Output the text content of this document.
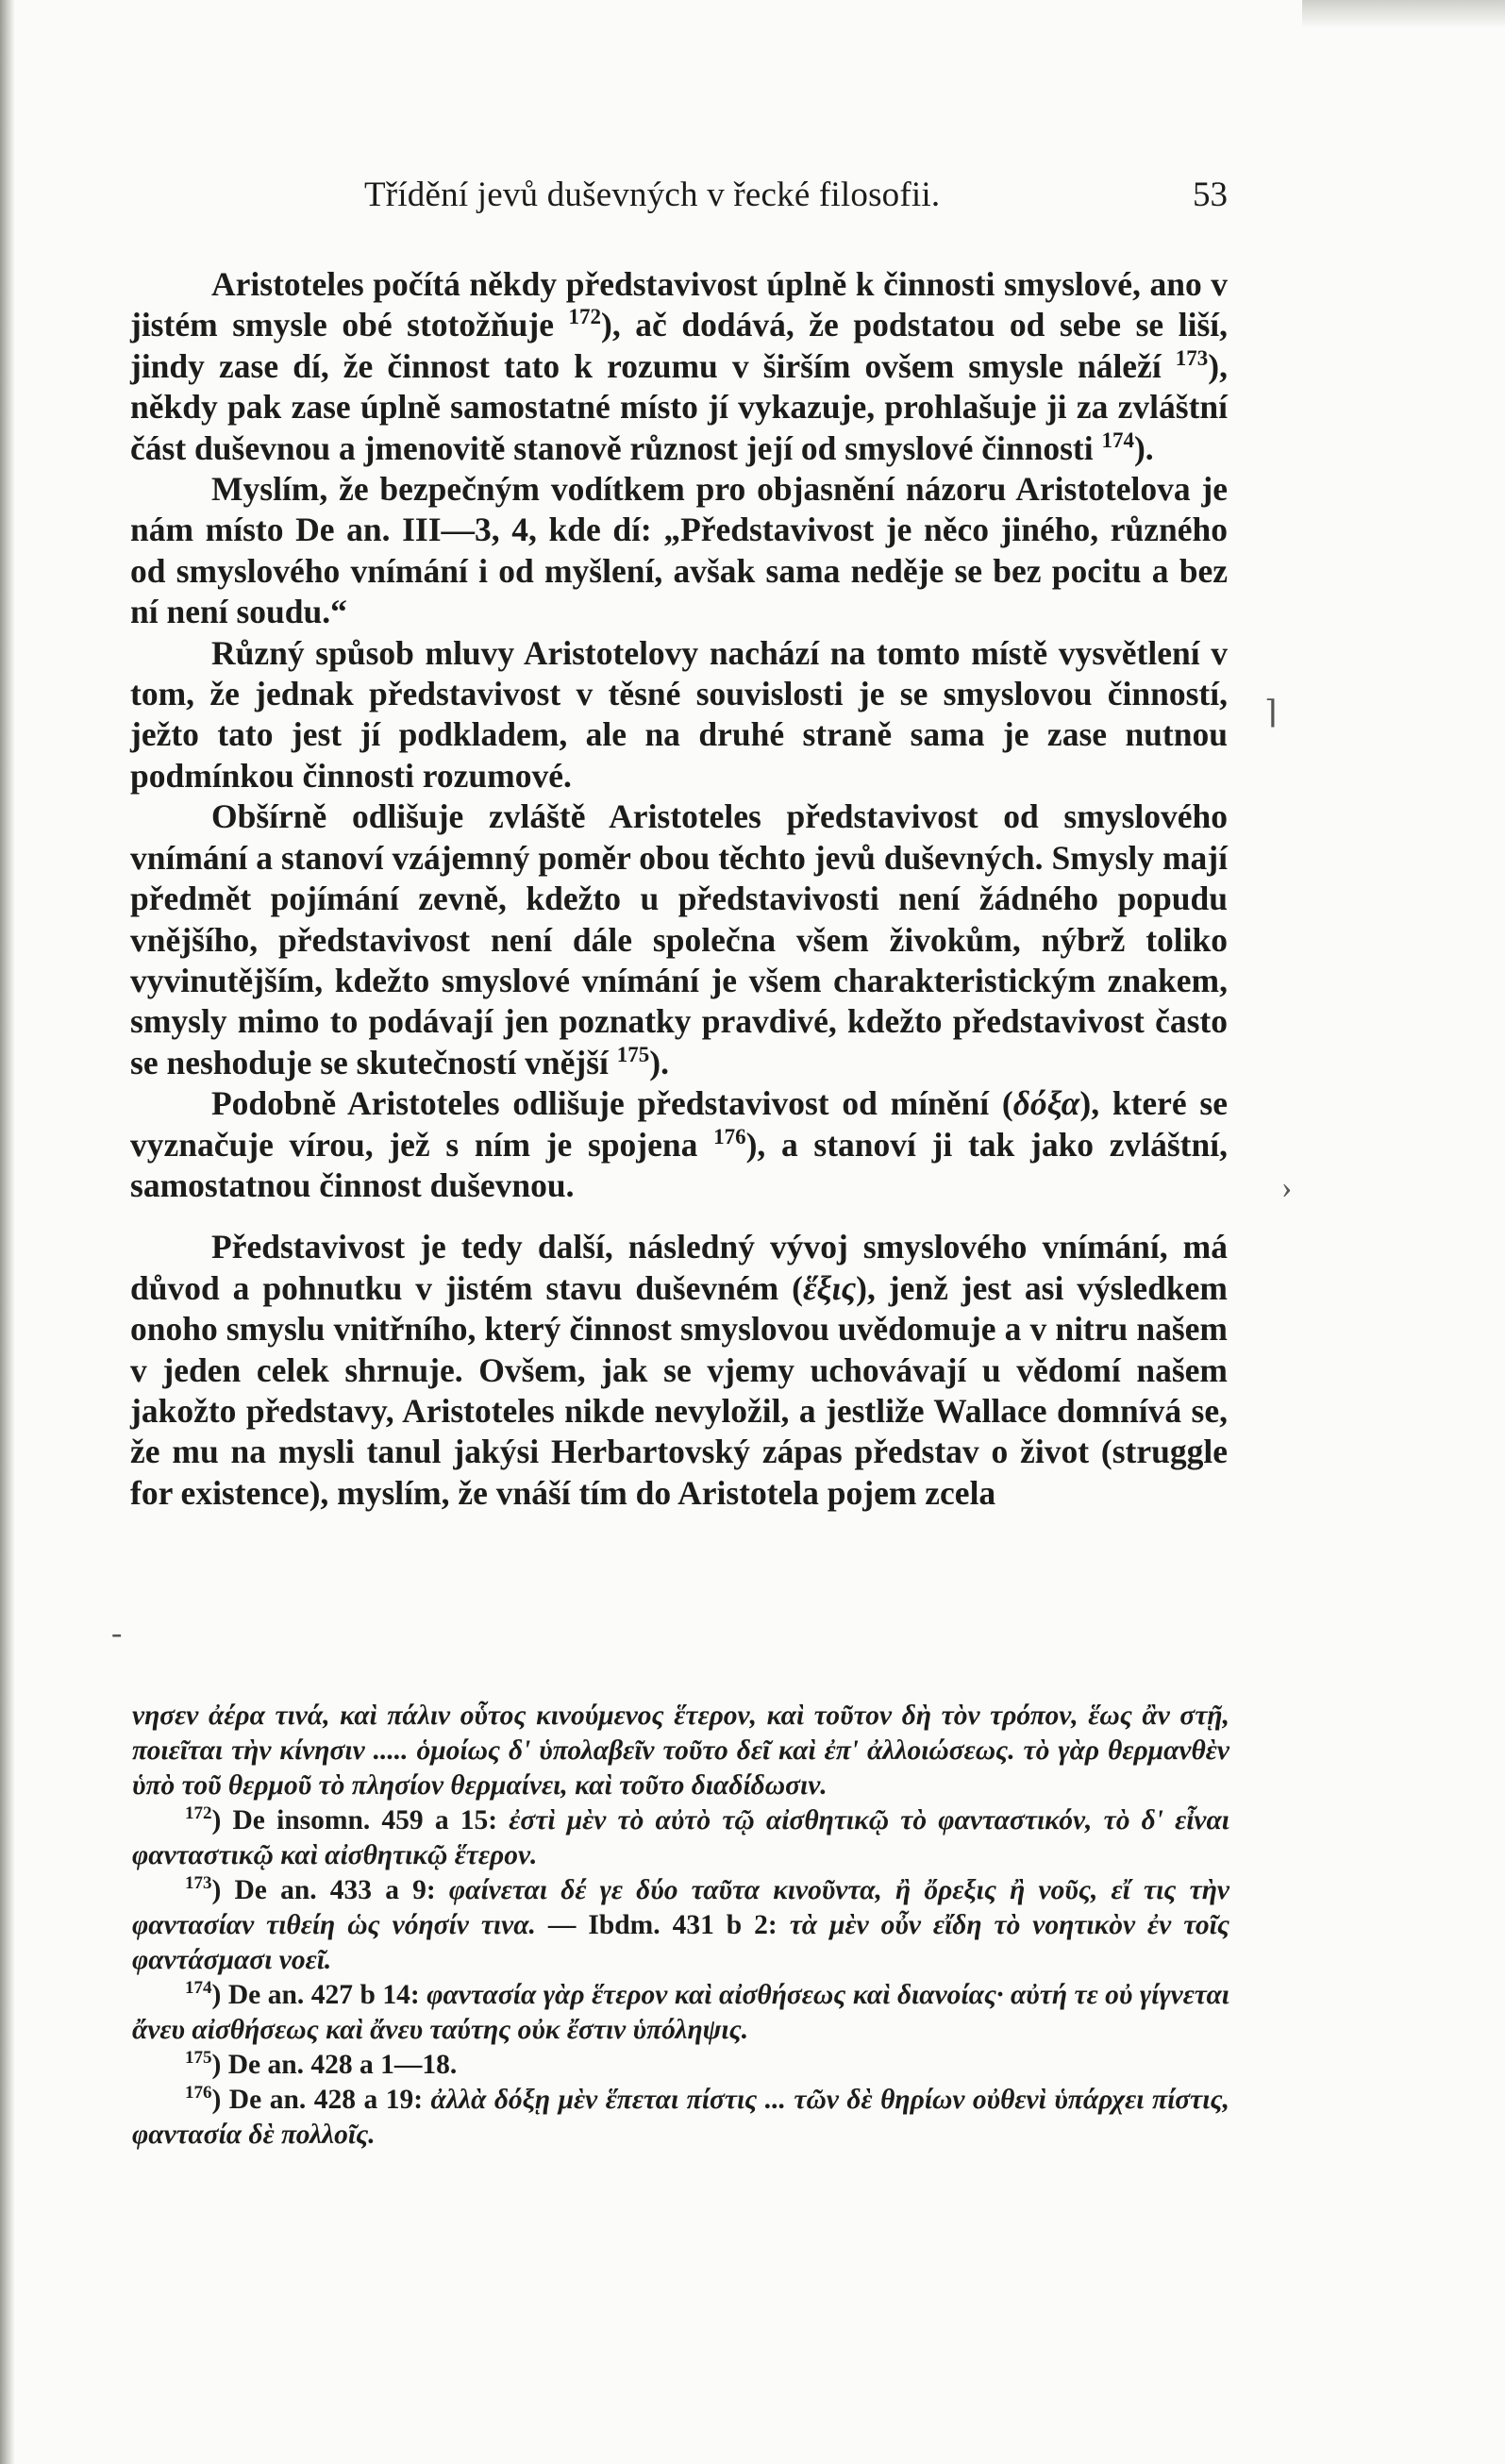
Třídění jevů duševných v řecké filosofii.	53

Aristoteles počítá někdy představivost úplně k činnosti smyslové, ano v jistém smysle obé stotožňuje $^{172}$), ač dodává, že podstatou od sebe se liší, jindy zase dí, že činnost tato k rozumu v širším ovšem smysle náleží $^{173}$), někdy pak zase úplně samostatné místo jí vykazuje, prohlašuje ji za zvláštní část duševnou a jmenovitě stanově různost její od smyslové činnosti $^{174}$).

Myslím, že bezpečným vodítkem pro objasnění názoru Aristotelova je nám místo De an. III—3, 4, kde dí: „Představivost je něco jiného, různého od smyslového vnímání i od myšlení, avšak sama neděje se bez pocitu a bez ní není soudu.“

Různý spůsob mluvy Aristotelovy nachází na tomto místě vysvětlení v tom, že jednak představivost v těsné souvislosti je se smyslovou činností, ježto tato jest jí podkladem, ale na druhé straně sama je zase nutnou podmínkou činnosti rozumové.

Obšírně odlišuje zvláště Aristoteles představivost od smyslového vnímání a stanoví vzájemný poměr obou těchto jevů duševných. Smysly mají předmět pojímání zevně, kdežto u představivosti není žádného popudu vnějšího, představivost není dále společna všem živokům, nýbrž toliko vyvinutějším, kdežto smyslové vnímání je všem charakteristickým znakem, smysly mimo to podávají jen poznatky pravdivé, kdežto představivost často se neshoduje se skutečností vnější $^{175}$).

Podobně Aristoteles odlišuje představivost od mínění (δόξα), které se vyznačuje vírou, jež s ním je spojena $^{176}$), a stanoví ji tak jako zvláštní, samostatnou činnost duševnou.

Představivost je tedy další, následný vývoj smyslového vnímání, má důvod a pohnutku v jistém stavu duševném (ἕξις), jenž jest asi výsledkem onoho smyslu vnitřního, který činnost smyslovou uvědomuje a v nitru našem v jeden celek shrnuje. Ovšem, jak se vjemy uchovávají u vědomí našem jakožto představy, Aristoteles nikde nevyložil, a jestliže Wallace domnívá se, že mu na mysli tanul jakýsi Herbartovský zápas představ o život (struggle for existence), myslím, že vnáší tím do Aristotela pojem zcela

νησεν ἀέρα τινά, καὶ πάλιν οὗτος κινούμενος ἕτερον, καὶ τοῦτον δὴ τὸν τρόπον, ἕως ἂν στῇ, ποιεῖται τὴν κίνησιν ..... ὁμοίως δ' ὑπολαβεῖν τοῦτο δεῖ καὶ ἐπ' ἀλλοιώσεως. τὸ γὰρ θερμανθὲν ὑπὸ τοῦ θερμοῦ τὸ πλησίον θερμαίνει, καὶ τοῦτο διαδίδωσιν.

$^{172}$) De insomn. 459 a 15: ἐστὶ μὲν τὸ αὐτὸ τῷ αἰσθητικῷ τὸ φανταστικόν, τὸ δ' εἶναι φανταστικῷ καὶ αἰσθητικῷ ἕτερον.

$^{173}$) De an. 433 a 9: φαίνεται δέ γε δύο ταῦτα κινοῦντα, ἢ ὄρεξις ἢ νοῦς, εἴ τις τὴν φαντασίαν τιθείη ὡς νόησίν τινα. — Ibdm. 431 b 2: τὰ μὲν οὖν εἴδη τὸ νοητικὸν ἐν τοῖς φαντάσμασι νοεῖ.

$^{174}$) De an. 427 b 14: φαντασία γὰρ ἕτερον καὶ αἰσθήσεως καὶ διανοίας· αὐτή τε οὐ γίγνεται ἄνευ αἰσθήσεως καὶ ἄνευ ταύτης οὐκ ἔστιν ὑπόληψις.

$^{175}$) De an. 428 a 1—18.

$^{176}$) De an. 428 a 19: ἀλλὰ δόξῃ μὲν ἕπεται πίστις ... τῶν δὲ θηρίων οὐθενὶ ὑπάρχει πίστις, φαντασία δὲ πολλοῖς.

⌉
›
-
